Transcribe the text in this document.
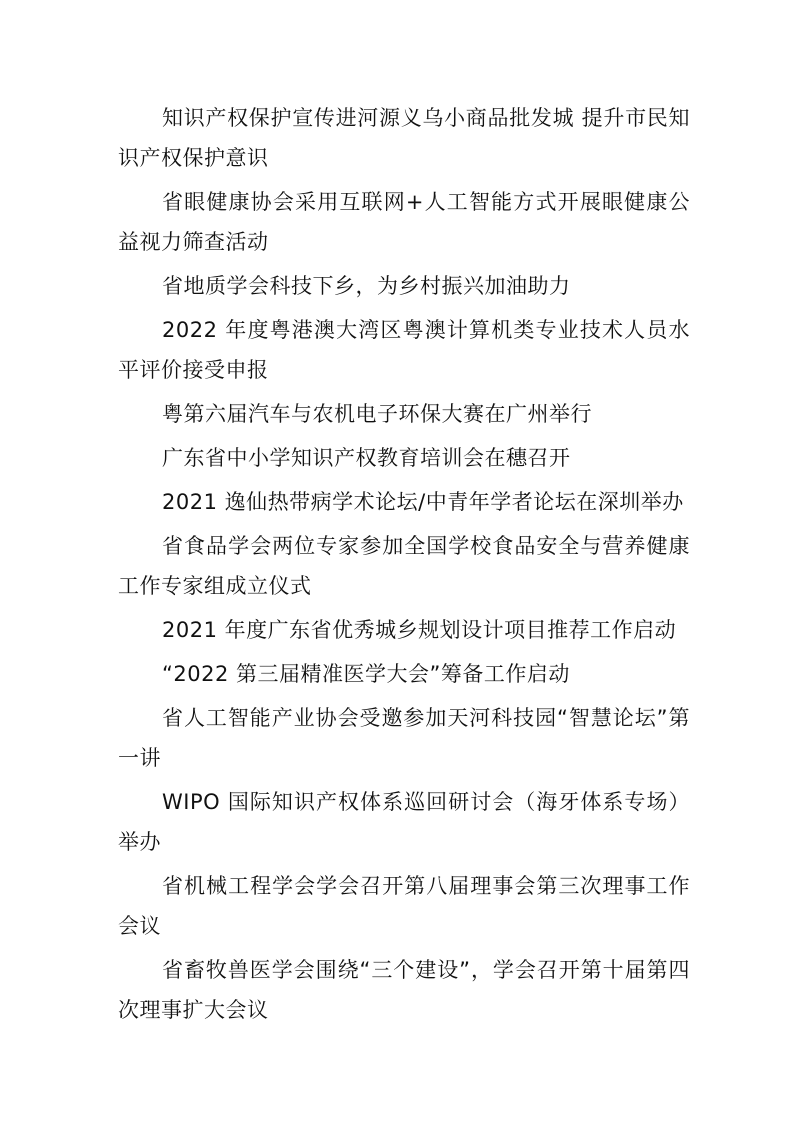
知识产权保护宣传进河源义乌小商品批发城 提升市民知识产权保护意识

省眼健康协会采用互联网+人工智能方式开展眼健康公益视力筛查活动

省地质学会科技下乡，为乡村振兴加油助力

2022 年度粤港澳大湾区粤澳计算机类专业技术人员水平评价接受申报

粤第六届汽车与农机电子环保大赛在广州举行

广东省中小学知识产权教育培训会在穗召开

2021 逸仙热带病学术论坛/中青年学者论坛在深圳举办

省食品学会两位专家参加全国学校食品安全与营养健康工作专家组成立仪式

2021 年度广东省优秀城乡规划设计项目推荐工作启动

“2022 第三届精准医学大会”筹备工作启动

省人工智能产业协会受邀参加天河科技园“智慧论坛”第一讲

WIPO 国际知识产权体系巡回研讨会（海牙体系专场）举办

省机械工程学会学会召开第八届理事会第三次理事工作会议

省畜牧兽医学会围绕“三个建设”，学会召开第十届第四次理事扩大会议
